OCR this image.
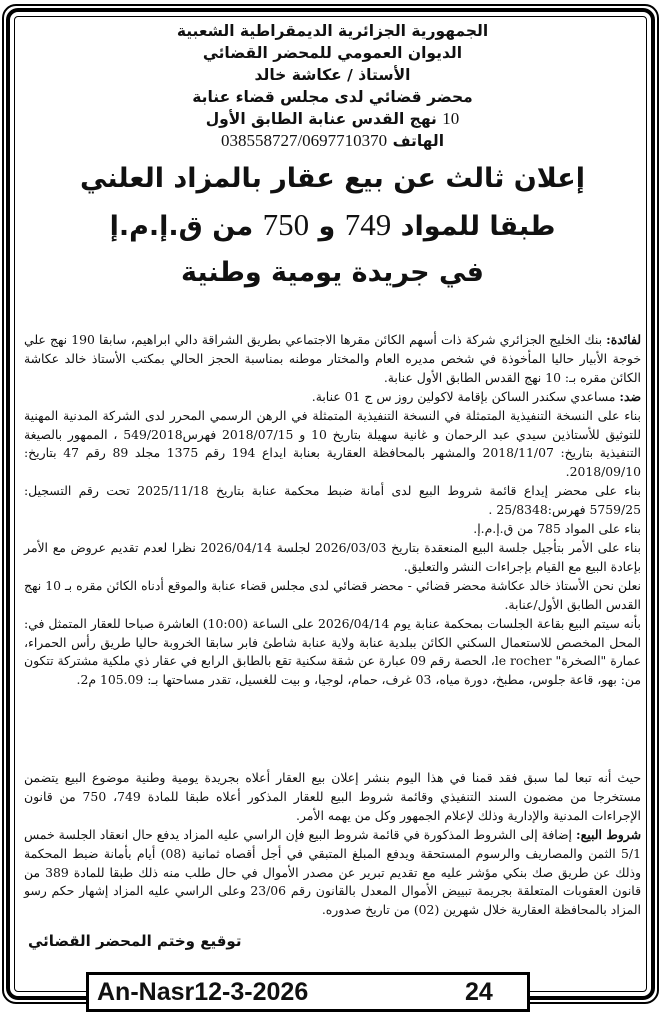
الجمهورية الجزائرية الديمقراطية الشعبية

الديوان العمومي للمحضر القضائي

الأستاذ / عكاشة خالد

محضر قضائي لدى مجلس قضاء عنابة

10 نهج القدس عنابة الطابق الأول

الهاتف 038558727/0697710370

إعلان ثالث عن بيع عقار بالمزاد العلني

طبقا للمواد 749 و 750 من ق.إ.م.إ

في جريدة يومية وطنية

لفائدة: بنك الخليج الجزائري شركة ذات أسهم الكائن مقرها الاجتماعي بطريق الشراقة دالي ابراهيم، سابقا 190 نهج علي خوجة الأبيار حاليا المأخوذة في شخص مديره العام والمختار موطنه بمناسبة الحجز الحالي بمكتب الأستاذ خالد عكاشة الكائن مقره بـ: 10 نهج القدس الطابق الأول عنابة.

ضد: مساعدي سكندر الساكن بإقامة لاكولين روز س ج 01 عنابة.

بناء على النسخة التنفيذية المتمثلة في النسخة التنفيذية المتمثلة في الرهن الرسمي المحرر لدى الشركة المدنية المهنية للتوثيق للأستاذين سيدي عبد الرحمان و غانية سهيلة بتاريخ 10 و 2018/07/15 فهرس549/2018 ، الممهور بالصيغة التنفيذية بتاريخ: 2018/11/07 والمشهر بالمحافظة العقارية بعنابة ايداع 194 رقم 1375 مجلد 89 رقم 47 بتاريخ: 2018/09/10.

بناء على محضر إيداع قائمة شروط البيع لدى أمانة ضبط محكمة عنابة بتاريخ 2025/11/18 تحت رقم التسجيل: 5759/25 فهرس:25/8348 .

بناء على المواد 785 من ق.إ.م.إ.

بناء على الأمر بتأجيل جلسة البيع المنعقدة بتاريخ 2026/03/03 لجلسة 2026/04/14 نظرا لعدم تقديم عروض مع الأمر بإعادة البيع مع القيام بإجراءات النشر والتعليق.

نعلن نحن الأستاذ خالد عكاشة محضر قضائي - محضر قضائي لدى مجلس قضاء عنابة والموقع أدناه الكائن مقره بـ 10 نهج القدس الطابق الأول/عنابة.

بأنه سيتم البيع بقاعة الجلسات بمحكمة عنابة يوم 2026/04/14 على الساعة (10:00) العاشرة صباحا للعقار المتمثل في: المحل المخصص للاستعمال السكني الكائن ببلدية عنابة ولاية عنابة شاطئ فابر سابقا الخروبة حاليا طريق رأس الحمراء، عمارة "الصخرة" le rocher، الحصة رقم 09 عبارة عن شقة سكنية تقع بالطابق الرابع في عقار ذي ملكية مشتركة تتكون من: بهو، قاعة جلوس، مطبخ، دورة مياه، 03 غرف، حمام، لوجيا، و بيت للغسيل، تقدر مساحتها بـ: 105.09 م2.

حيث أنه تبعا لما سبق فقد قمنا في هذا اليوم بنشر إعلان بيع العقار أعلاه بجريدة يومية وطنية موضوع البيع يتضمن مستخرجا من مضمون السند التنفيذي وقائمة شروط البيع للعقار المذكور أعلاه طبقا للمادة 749، 750 من قانون الإجراءات المدنية والإدارية وذلك لإعلام الجمهور وكل من يهمه الأمر.

شروط البيع: إضافة إلى الشروط المذكورة في قائمة شروط البيع فإن الراسي عليه المزاد يدفع حال انعقاد الجلسة خمس 5/1 الثمن والمصاريف والرسوم المستحقة ويدفع المبلغ المتبقي في أجل أقصاه ثمانية (08) أيام بأمانة ضبط المحكمة وذلك عن طريق صك بنكي مؤشر عليه مع تقديم تبرير عن مصدر الأموال في حال طلب منه ذلك طبقا للمادة 389 من قانون العقوبات المتعلقة بجريمة تبييض الأموال المعدل بالقانون رقم 23/06 وعلى الراسي عليه المزاد إشهار حكم رسو المزاد بالمحافظة العقارية خلال شهرين (02) من تاريخ صدوره.

توقيع وختم المحضر القضائي
An-Nasr12-3-2026	24
